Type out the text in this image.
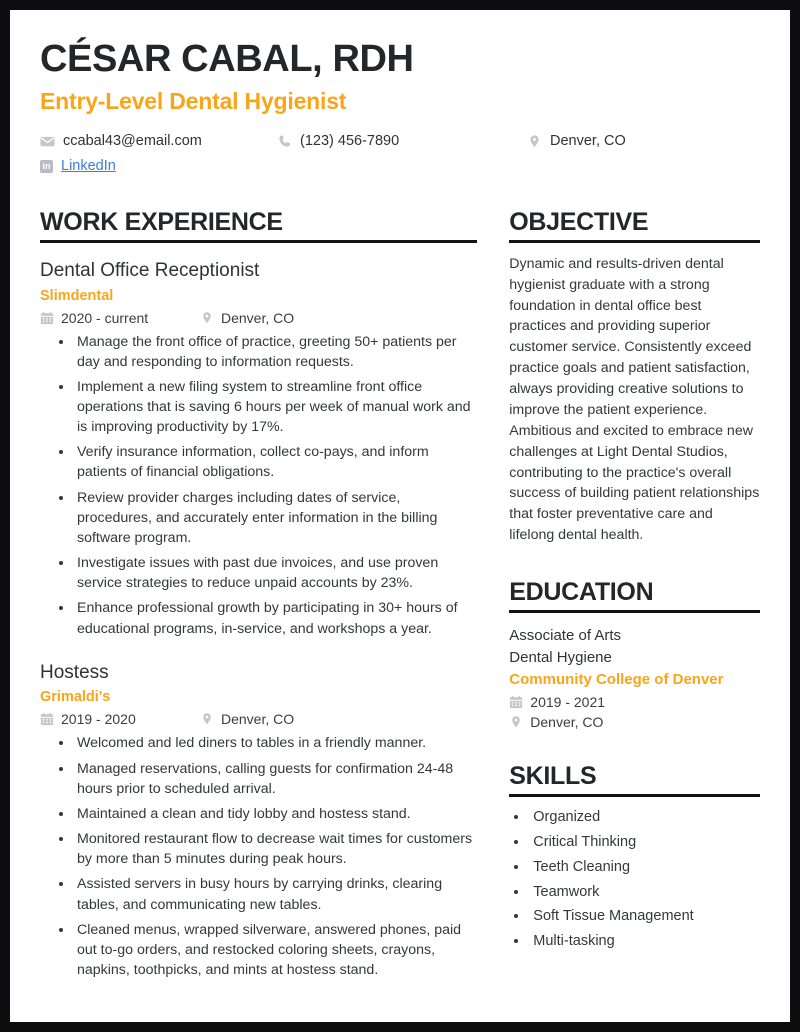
CÉSAR CABAL, RDH
Entry-Level Dental Hygienist
ccabal43@email.com	(123) 456-7890	Denver, CO
in LinkedIn
WORK EXPERIENCE
Dental Office Receptionist
Slimdental
2020 - current	Denver, CO
• Manage the front office of practice, greeting 50+ patients per day and responding to information requests.
• Implement a new filing system to streamline front office operations that is saving 6 hours per week of manual work and is improving productivity by 17%.
• Verify insurance information, collect co-pays, and inform patients of financial obligations.
• Review provider charges including dates of service, procedures, and accurately enter information in the billing software program.
• Investigate issues with past due invoices, and use proven service strategies to reduce unpaid accounts by 23%.
• Enhance professional growth by participating in 30+ hours of educational programs, in-service, and workshops a year.
Hostess
Grimaldi's
2019 - 2020	Denver, CO
• Welcomed and led diners to tables in a friendly manner.
• Managed reservations, calling guests for confirmation 24-48 hours prior to scheduled arrival.
• Maintained a clean and tidy lobby and hostess stand.
• Monitored restaurant flow to decrease wait times for customers by more than 5 minutes during peak hours.
• Assisted servers in busy hours by carrying drinks, clearing tables, and communicating new tables.
• Cleaned menus, wrapped silverware, answered phones, paid out to-go orders, and restocked coloring sheets, crayons, napkins, toothpicks, and mints at hostess stand.
OBJECTIVE
Dynamic and results-driven dental hygienist graduate with a strong foundation in dental office best practices and providing superior customer service. Consistently exceed practice goals and patient satisfaction, always providing creative solutions to improve the patient experience. Ambitious and excited to embrace new challenges at Light Dental Studios, contributing to the practice's overall success of building patient relationships that foster preventative care and lifelong dental health.
EDUCATION
Associate of Arts
Dental Hygiene
Community College of Denver
2019 - 2021
Denver, CO
SKILLS
• Organized
• Critical Thinking
• Teeth Cleaning
• Teamwork
• Soft Tissue Management
• Multi-tasking
